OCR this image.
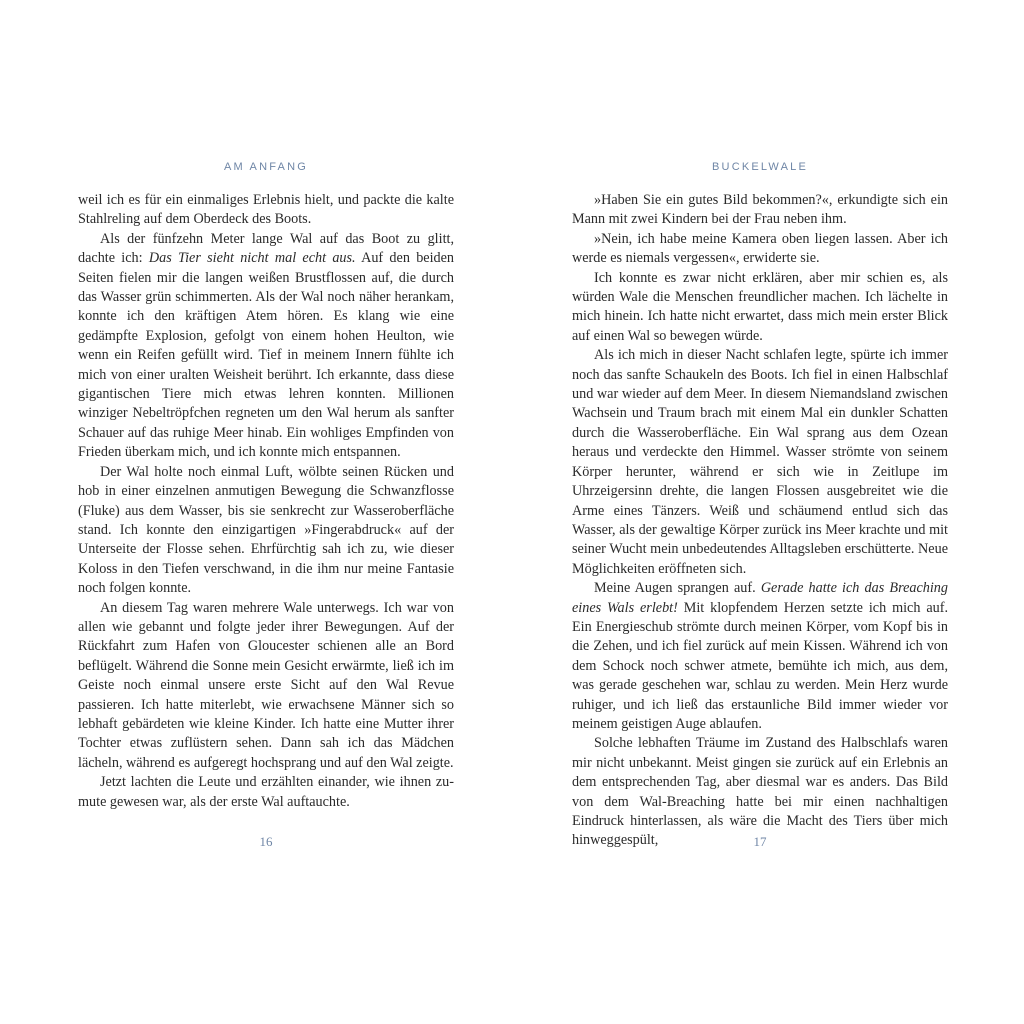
AM ANFANG

weil ich es für ein einmaliges Erlebnis hielt, und packte die kalte Stahlreling auf dem Oberdeck des Boots.

Als der fünfzehn Meter lange Wal auf das Boot zu glitt, dachte ich: Das Tier sieht nicht mal echt aus. Auf den beiden Seiten fielen mir die langen weißen Brustflossen auf, die durch das Wasser grün schimmerten. Als der Wal noch näher herankam, konnte ich den kräftigen Atem hören. Es klang wie eine gedämpfte Explosion, gefolgt von einem hohen Heulton, wie wenn ein Reifen gefüllt wird. Tief in meinem Innern fühlte ich mich von einer uralten Weisheit berührt. Ich erkannte, dass diese gigantischen Tiere mich etwas lehren konnten. Millionen winziger Nebeltröpfchen regneten um den Wal herum als sanfter Schauer auf das ruhige Meer hinab. Ein wohliges Empfinden von Frieden überkam mich, und ich konnte mich entspannen.

Der Wal holte noch einmal Luft, wölbte seinen Rücken und hob in einer einzelnen anmutigen Bewegung die Schwanzflosse (Fluke) aus dem Wasser, bis sie senkrecht zur Wasseroberfläche stand. Ich konnte den einzigartigen »Fingerabdruck« auf der Unterseite der Flosse sehen. Ehrfürchtig sah ich zu, wie dieser Koloss in den Tiefen verschwand, in die ihm nur meine Fantasie noch folgen konnte.

An diesem Tag waren mehrere Wale unterwegs. Ich war von allen wie gebannt und folgte jeder ihrer Bewegungen. Auf der Rückfahrt zum Hafen von Gloucester schienen alle an Bord beflügelt. Während die Sonne mein Gesicht erwärmte, ließ ich im Geiste noch einmal unsere erste Sicht auf den Wal Revue passieren. Ich hatte miterlebt, wie erwachsene Männer sich so lebhaft gebärdeten wie kleine Kinder. Ich hatte eine Mutter ihrer Tochter etwas zuflüstern sehen. Dann sah ich das Mädchen lächeln, während es aufgeregt hochsprang und auf den Wal zeigte.

Jetzt lachten die Leute und erzählten einander, wie ihnen zumute gewesen war, als der erste Wal auftauchte.

16
BUCKELWALE

»Haben Sie ein gutes Bild bekommen?«, erkundigte sich ein Mann mit zwei Kindern bei der Frau neben ihm.

»Nein, ich habe meine Kamera oben liegen lassen. Aber ich werde es niemals vergessen«, erwiderte sie.

Ich konnte es zwar nicht erklären, aber mir schien es, als würden Wale die Menschen freundlicher machen. Ich lächelte in mich hinein. Ich hatte nicht erwartet, dass mich mein erster Blick auf einen Wal so bewegen würde.

Als ich mich in dieser Nacht schlafen legte, spürte ich immer noch das sanfte Schaukeln des Boots. Ich fiel in einen Halbschlaf und war wieder auf dem Meer. In diesem Niemandsland zwischen Wachsein und Traum brach mit einem Mal ein dunkler Schatten durch die Wasseroberfläche. Ein Wal sprang aus dem Ozean heraus und verdeckte den Himmel. Wasser strömte von seinem Körper herunter, während er sich wie in Zeitlupe im Uhrzeigersinn drehte, die langen Flossen ausgebreitet wie die Arme eines Tänzers. Weiß und schäumend entlud sich das Wasser, als der gewaltige Körper zurück ins Meer krachte und mit seiner Wucht mein unbedeutendes Alltagsleben erschütterte. Neue Möglichkeiten eröffneten sich.

Meine Augen sprangen auf. Gerade hatte ich das Breaching eines Wals erlebt! Mit klopfendem Herzen setzte ich mich auf. Ein Energieschub strömte durch meinen Körper, vom Kopf bis in die Zehen, und ich fiel zurück auf mein Kissen. Während ich von dem Schock noch schwer atmete, bemühte ich mich, aus dem, was gerade geschehen war, schlau zu werden. Mein Herz wurde ruhiger, und ich ließ das erstaunliche Bild immer wieder vor meinem geistigen Auge ablaufen.

Solche lebhaften Träume im Zustand des Halbschlafs waren mir nicht unbekannt. Meist gingen sie zurück auf ein Erlebnis an dem entsprechenden Tag, aber diesmal war es anders. Das Bild von dem Wal-Breaching hatte bei mir einen nachhaltigen Eindruck hinterlassen, als wäre die Macht des Tiers über mich hinweggespült,	17
